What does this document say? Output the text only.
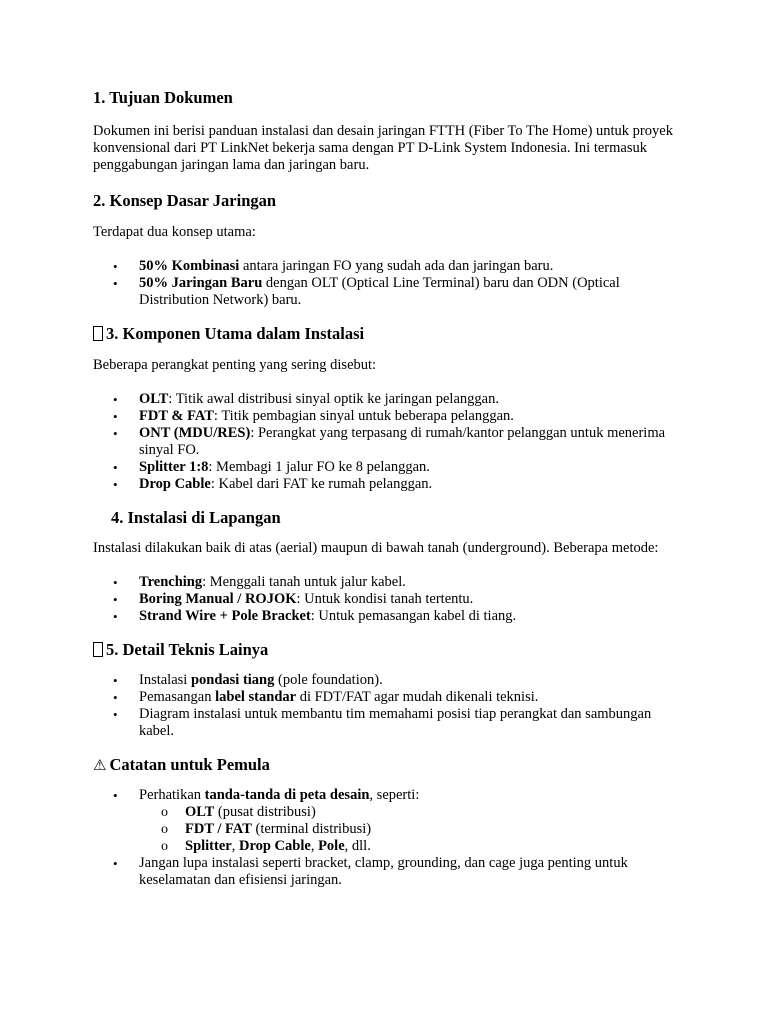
1. Tujuan Dokumen

Dokumen ini berisi panduan instalasi dan desain jaringan FTTH (Fiber To The Home) untuk proyek konvensional dari PT LinkNet bekerja sama dengan PT D-Link System Indonesia. Ini termasuk penggabungan jaringan lama dan jaringan baru.

2. Konsep Dasar Jaringan

Terdapat dua konsep utama:

• 50% Kombinasi antara jaringan FO yang sudah ada dan jaringan baru.
• 50% Jaringan Baru dengan OLT (Optical Line Terminal) baru dan ODN (Optical Distribution Network) baru.
3. Komponen Utama dalam Instalasi

Beberapa perangkat penting yang sering disebut:

• OLT: Titik awal distribusi sinyal optik ke jaringan pelanggan.
• FDT & FAT: Titik pembagian sinyal untuk beberapa pelanggan.
• ONT (MDU/RES): Perangkat yang terpasang di rumah/kantor pelanggan untuk menerima sinyal FO.
• Splitter 1:8: Membagi 1 jalur FO ke 8 pelanggan.
• Drop Cable: Kabel dari FAT ke rumah pelanggan.
4. Instalasi di Lapangan

Instalasi dilakukan baik di atas (aerial) maupun di bawah tanah (underground). Beberapa metode:

• Trenching: Menggali tanah untuk jalur kabel.
• Boring Manual / ROJOK: Untuk kondisi tanah tertentu.
• Strand Wire + Pole Bracket: Untuk pemasangan kabel di tiang.
5. Detail Teknis Lainya
• Instalasi pondasi tiang (pole foundation).
• Pemasangan label standar di FDT/FAT agar mudah dikenali teknisi.
• Diagram instalasi untuk membantu tim memahami posisi tiap perangkat dan sambungan kabel.
⚠ Catatan untuk Pemula
• Perhatikan tanda-tanda di peta desain, seperti:
o OLT (pusat distribusi)
o FDT / FAT (terminal distribusi)
o Splitter, Drop Cable, Pole, dll.
• Jangan lupa instalasi seperti bracket, clamp, grounding, dan cage juga penting untuk keselamatan dan efisiensi jaringan.
